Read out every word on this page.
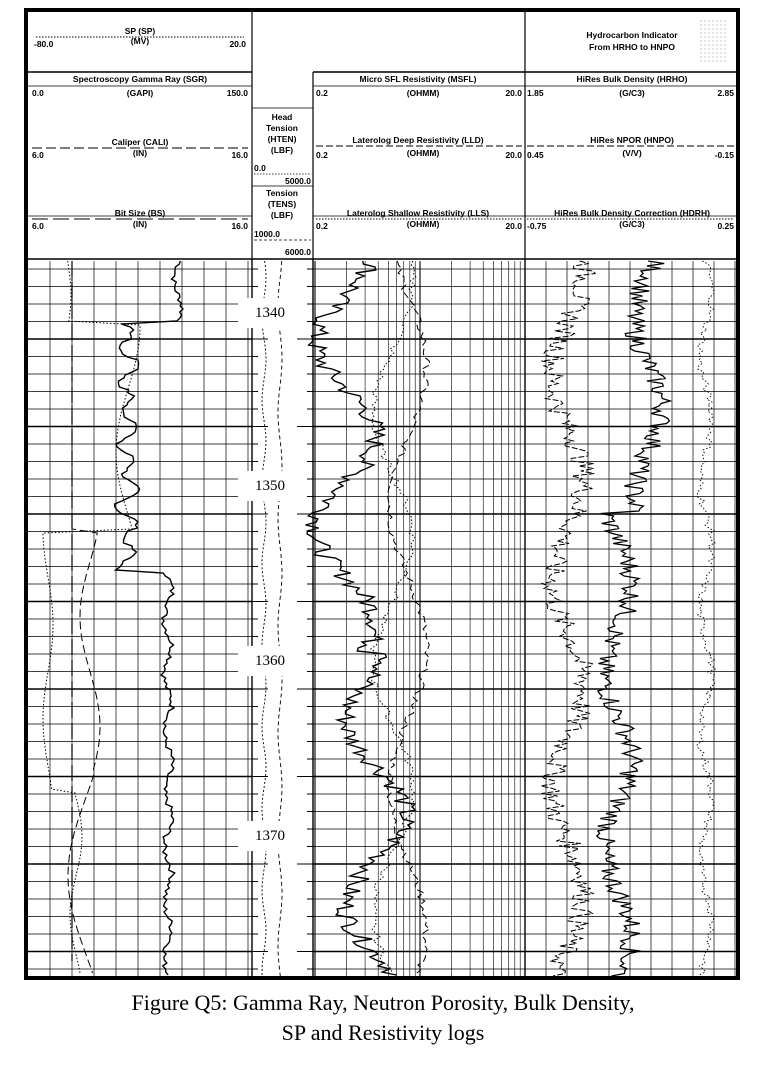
SP (SP)
-80.0	(MV)	20.0
Spectroscopy Gamma Ray (SGR)
0.0	(GAPI)	150.0
Caliper (CALI)
6.0	(IN)	16.0
Bit Size (BS)
6.0	(IN)	16.0
Head
Tension
(HTEN)
(LBF)
0.0
5000.0
Tension
(TENS)
(LBF)
1000.0
6000.0
Micro SFL Resistivity (MSFL)
0.2	(OHMM)	20.0
Laterolog Deep Resistivity (LLD)
0.2	(OHMM)	20.0
Laterolog Shallow Resistivity (LLS)
0.2	(OHMM)	20.0
Hydrocarbon Indicator
From HRHO to HNPO
HiRes Bulk Density (HRHO)
1.85	(G/C3)	2.85
HiRes NPOR (HNPO)
0.45	(V/V)	-0.15
HiRes Bulk Density Correction (HDRH)
-0.75	(G/C3)	0.25
1340
1350
1360
1370
Figure Q5: Gamma Ray, Neutron Porosity, Bulk Density,
SP and Resistivity logs
